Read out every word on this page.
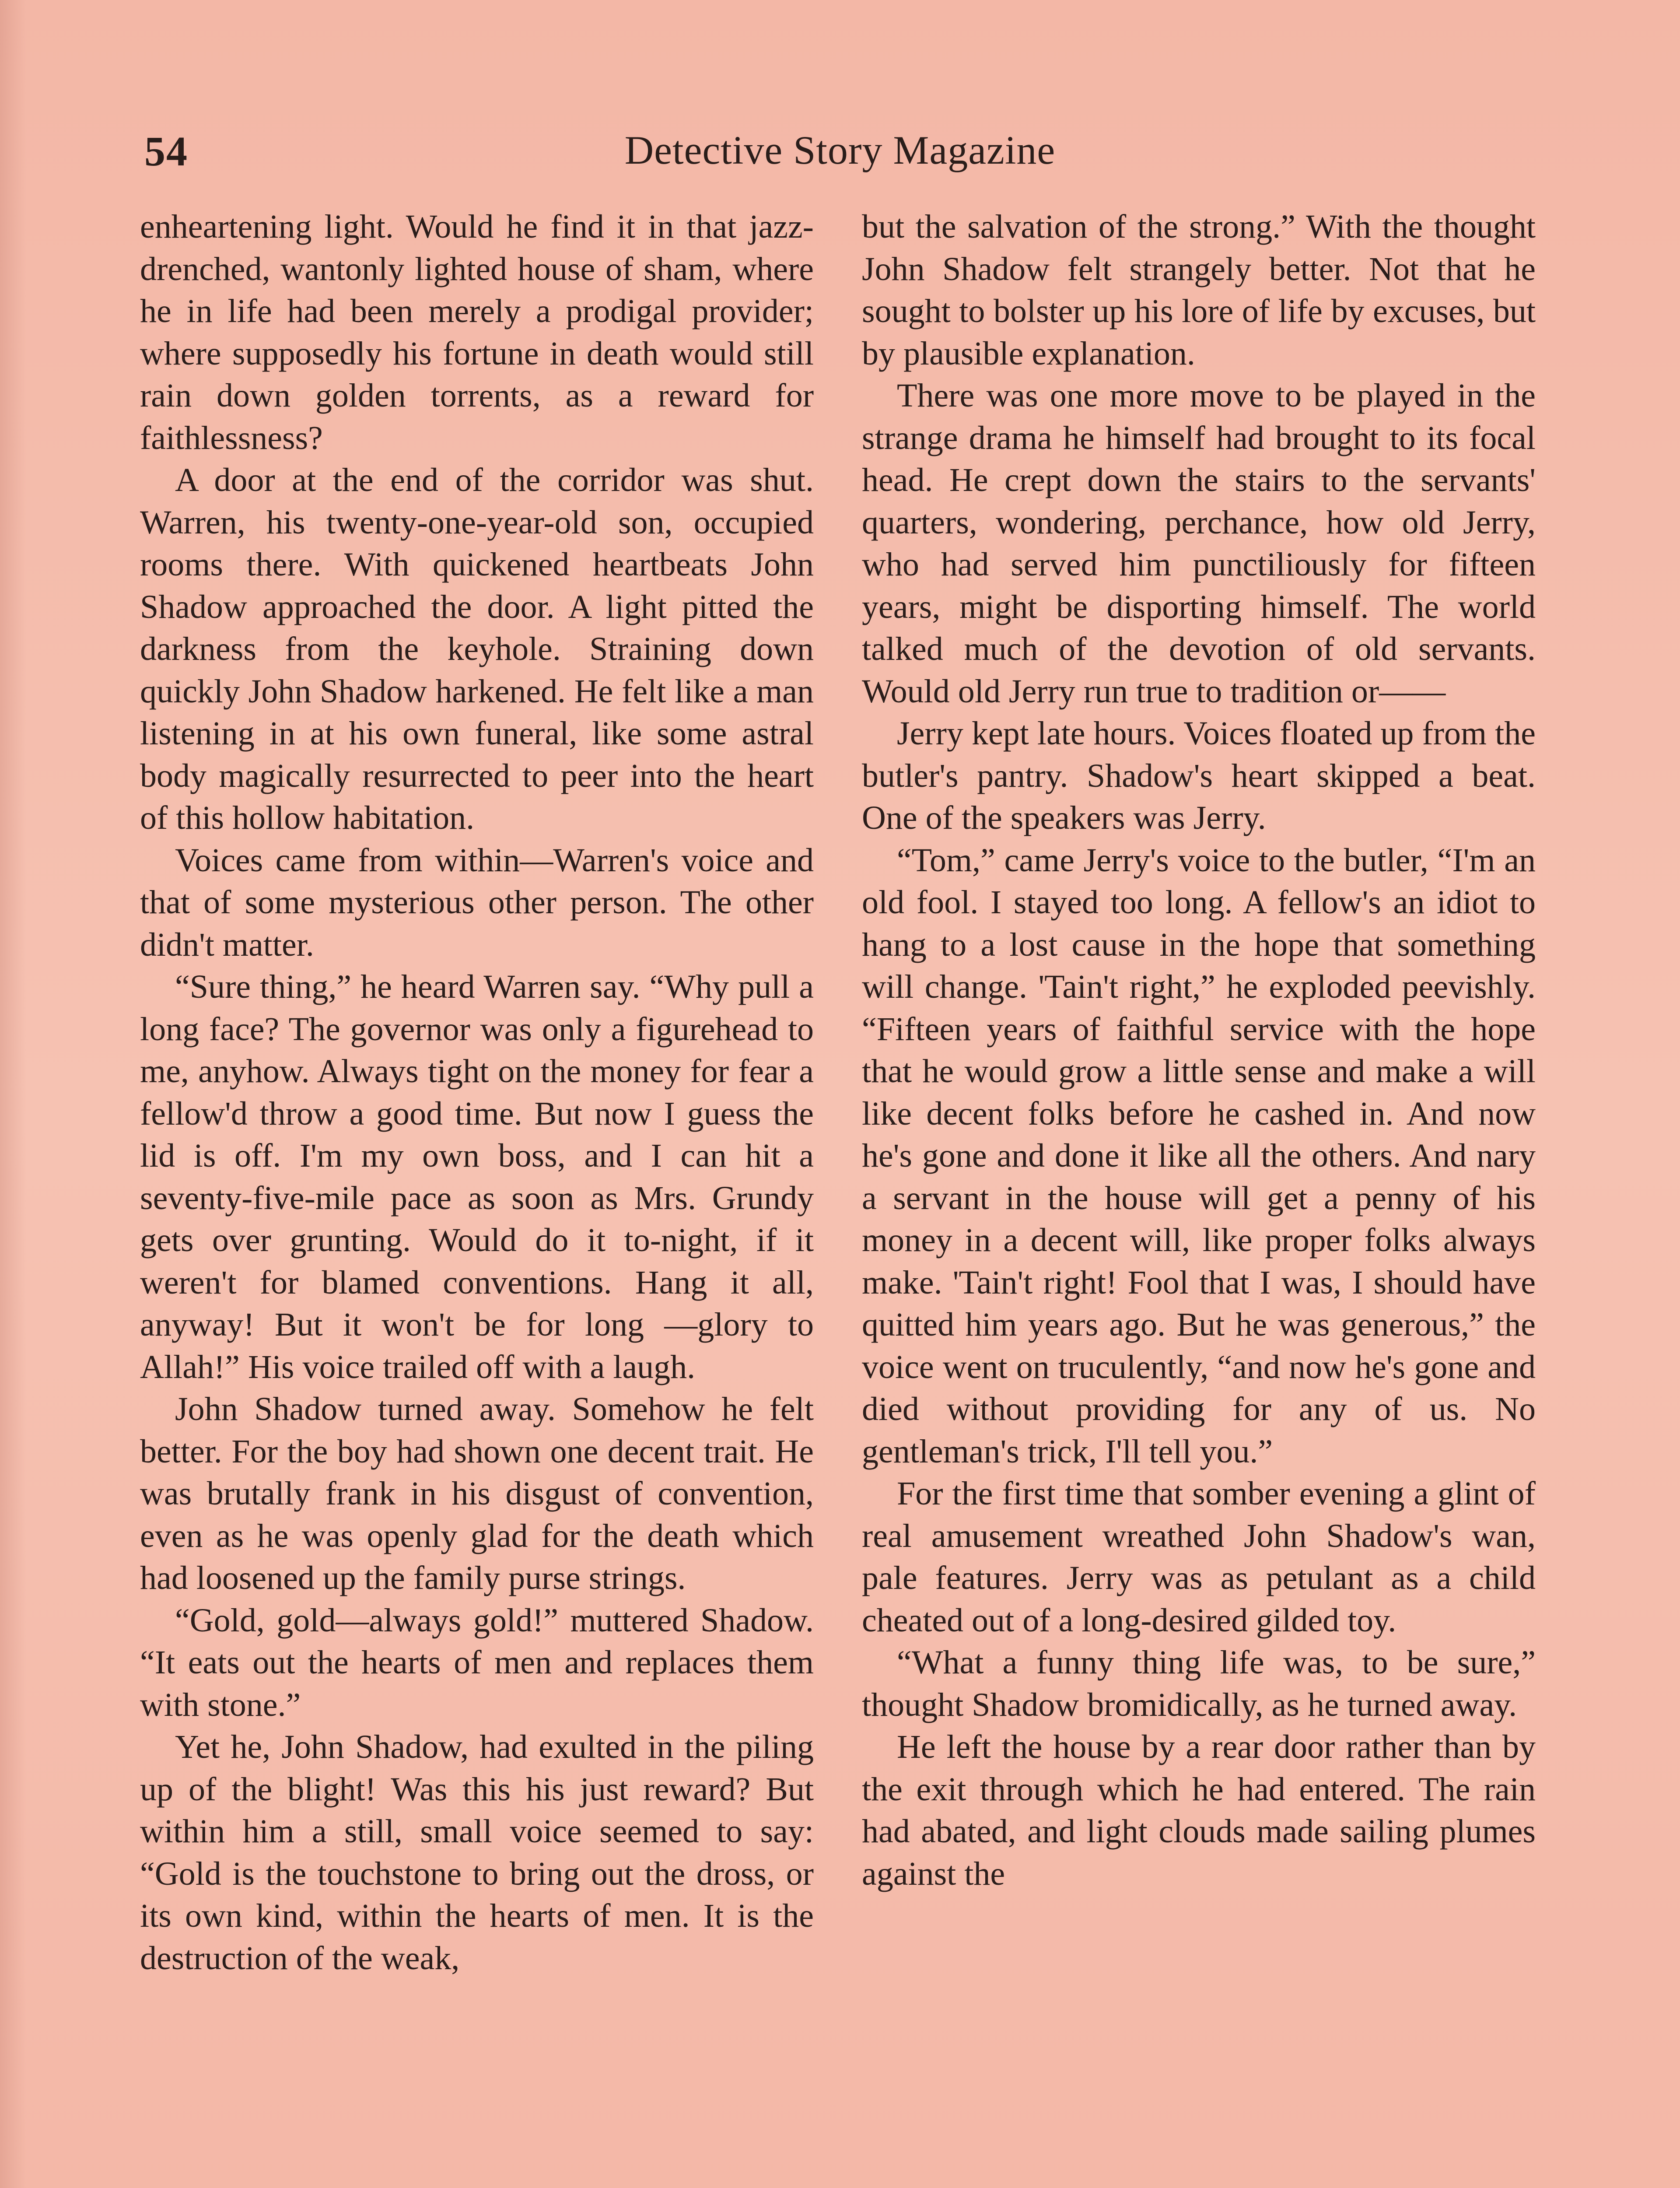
54	Detective Story Magazine

enheartening light. Would he find it in that jazz-drenched, wantonly lighted house of sham, where he in life had been merely a prodigal provider; where supposedly his fortune in death would still rain down golden torrents, as a reward for faithlessness?

A door at the end of the corridor was shut. Warren, his twenty-one-year-old son, occupied rooms there. With quickened heartbeats John Shadow approached the door. A light pitted the darkness from the keyhole. Straining down quickly John Shadow harkened. He felt like a man listening in at his own funeral, like some astral body magically resurrected to peer into the heart of this hollow habitation.

Voices came from within—Warren's voice and that of some mysterious other person. The other didn't matter.

“Sure thing,” he heard Warren say. “Why pull a long face? The governor was only a figurehead to me, anyhow. Always tight on the money for fear a fellow'd throw a good time. But now I guess the lid is off. I'm my own boss, and I can hit a seventy-five-mile pace as soon as Mrs. Grundy gets over grunting. Would do it to-night, if it weren't for blamed conventions. Hang it all, anyway! But it won't be for long —glory to Allah!” His voice trailed off with a laugh.

John Shadow turned away. Somehow he felt better. For the boy had shown one decent trait. He was brutally frank in his disgust of convention, even as he was openly glad for the death which had loosened up the family purse strings.

“Gold, gold—always gold!” muttered Shadow. “It eats out the hearts of men and replaces them with stone.”

Yet he, John Shadow, had exulted in the piling up of the blight! Was this his just reward? But within him a still, small voice seemed to say: “Gold is the touchstone to bring out the dross, or its own kind, within the hearts of men. It is the destruction of the weak,

but the salvation of the strong.” With the thought John Shadow felt strangely better. Not that he sought to bolster up his lore of life by excuses, but by plausible explanation.

There was one more move to be played in the strange drama he himself had brought to its focal head. He crept down the stairs to the servants' quarters, wondering, perchance, how old Jerry, who had served him punctiliously for fifteen years, might be disporting himself. The world talked much of the devotion of old servants. Would old Jerry run true to tradition or——

Jerry kept late hours. Voices floated up from the butler's pantry. Shadow's heart skipped a beat. One of the speakers was Jerry.

“Tom,” came Jerry's voice to the butler, “I'm an old fool. I stayed too long. A fellow's an idiot to hang to a lost cause in the hope that something will change. 'Tain't right,” he exploded peevishly. “Fifteen years of faithful service with the hope that he would grow a little sense and make a will like decent folks before he cashed in. And now he's gone and done it like all the others. And nary a servant in the house will get a penny of his money in a decent will, like proper folks always make. 'Tain't right! Fool that I was, I should have quitted him years ago. But he was generous,” the voice went on truculently, “and now he's gone and died without providing for any of us. No gentleman's trick, I'll tell you.”

For the first time that somber evening a glint of real amusement wreathed John Shadow's wan, pale features. Jerry was as petulant as a child cheated out of a long-desired gilded toy.

“What a funny thing life was, to be sure,” thought Shadow bromidically, as he turned away.

He left the house by a rear door rather than by the exit through which he had entered. The rain had abated, and light clouds made sailing plumes against the
